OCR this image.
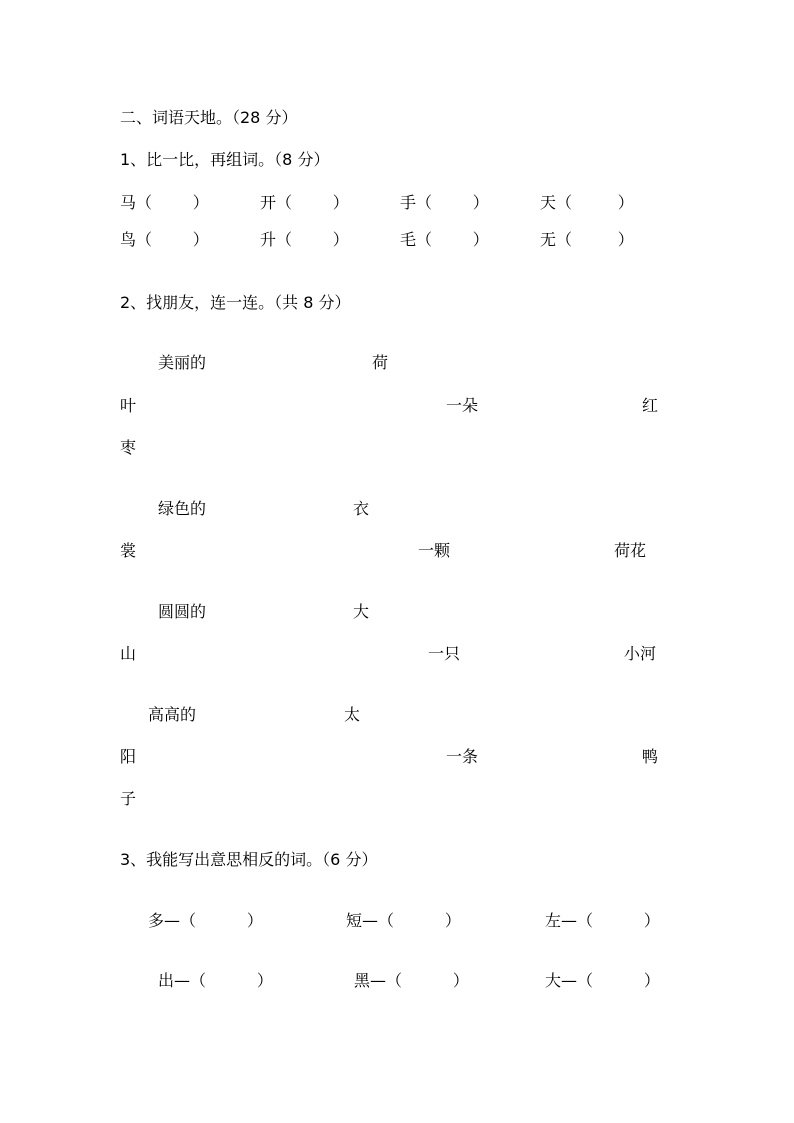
二、词语天地。（28 分）
1、比一比，再组词。（8 分）
马（        ）	开（        ）	手（        ）	天（         ）
鸟（        ）	升（        ）	毛（        ）	无（         ）
2、找朋友，连一连。（共 8 分）
美丽的	荷
叶	一朵	红
枣
绿色的	衣
裳	一颗	荷花
圆圆的	大
山	一只	小河
高高的	太
阳	一条	鸭
子
3、我能写出意思相反的词。（6 分）
多—（          ）	短—（          ）	左—（          ）
出—（          ）	黑—（          ）	大—（          ）
